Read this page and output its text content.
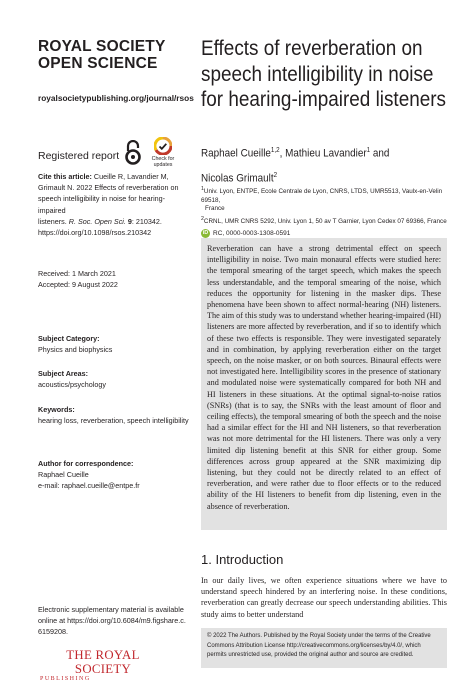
ROYAL SOCIETY
OPEN SCIENCE
royalsocietypublishing.org/journal/rsos
Registered report	Check for
updates
Cite this article: Cueille R, Lavandier M,
Grimault N. 2022 Effects of reverberation on
speech intelligibility in noise for hearing-impaired
listeners. R. Soc. Open Sci. 9: 210342.
https://doi.org/10.1098/rsos.210342
Received: 1 March 2021
Accepted: 9 August 2022
Subject Category:
Physics and biophysics
Subject Areas:
acoustics/psychology
Keywords:
hearing loss, reverberation, speech intelligibility
Author for correspondence:
Raphael Cueille
e-mail: raphael.cueille@entpe.fr
Electronic supplementary material is available
online at https://doi.org/10.6084/m9.figshare.c.
6159208.
THE ROYAL SOCIETY
PUBLISHING
Effects of reverberation on
speech intelligibility in noise
for hearing-impaired listeners
Raphael Cueille$^{1,2}$, Mathieu Lavandier$^1$ and
Nicolas Grimault$^2$
$^1$Univ. Lyon, ENTPE, Ecole Centrale de Lyon, CNRS, LTDS, UMR5513, Vaulx-en-Velin 69518,
France
$^2$CRNL, UMR CNRS 5292, Univ. Lyon 1, 50 av T Garnier, Lyon Cedex 07 69366, France
iD RC, 0000-0003-1308-0591

Reverberation can have a strong detrimental effect on speech intelligibility in noise. Two main monaural effects were studied here: the temporal smearing of the target speech, which makes the speech less understandable, and the temporal smearing of the noise, which reduces the opportunity for listening in the masker dips. These phenomena have been shown to affect normal-hearing (NH) listeners. The aim of this study was to understand whether hearing-impaired (HI) listeners are more affected by reverberation, and if so to identify which of these two effects is responsible. They were investigated separately and in combination, by applying reverberation either on the target speech, on the noise masker, or on both sources. Binaural effects were not investigated here. Intelligibility scores in the presence of stationary and modulated noise were systematically compared for both NH and HI listeners in these situations. At the optimal signal-to-noise ratios (SNRs) (that is to say, the SNRs with the least amount of floor and ceiling effects), the temporal smearing of both the speech and the noise had a similar effect for the HI and NH listeners, so that reverberation was not more detrimental for the HI listeners. There was only a very limited dip listening benefit at this SNR for either group. Some differences across group appeared at the SNR maximizing dip listening, but they could not be directly related to an effect of reverberation, and were rather due to floor effects or to the reduced ability of the HI listeners to benefit from dip listening, even in the absence of reverberation.

1. Introduction
In our daily lives, we often experience situations where we have to understand speech hindered by an interfering noise. In these conditions, reverberation can greatly decrease our speech understanding abilities. This study aims to better understand
© 2022 The Authors. Published by the Royal Society under the terms of the Creative Commons Attribution License http://creativecommons.org/licenses/by/4.0/, which permits unrestricted use, provided the original author and source are credited.
